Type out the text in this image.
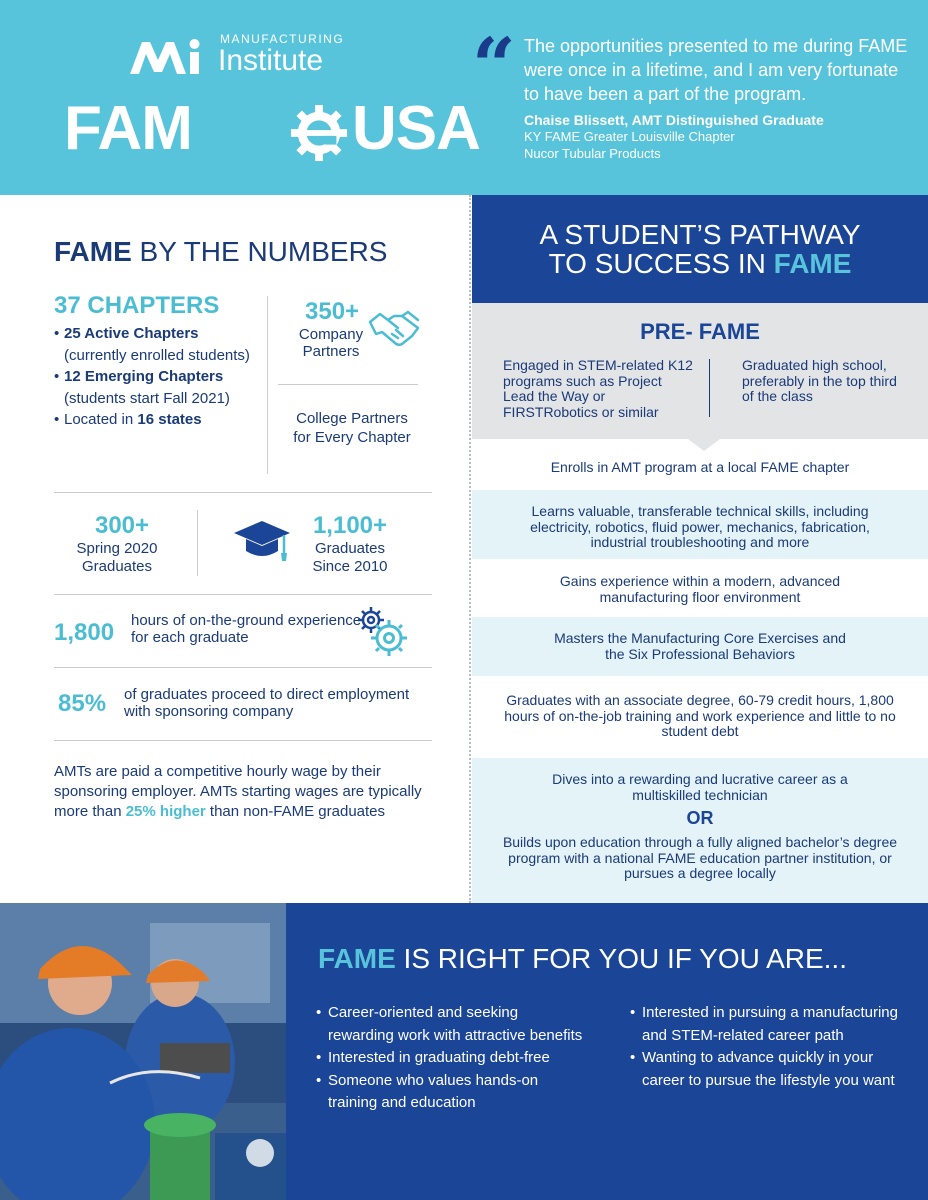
MANUFACTURING
Institute
FAM	USA
“ The opportunities presented to me during FAME were once in a lifetime, and I am very fortunate to have been a part of the program.
Chaise Blissett, AMT Distinguished Graduate
KY FAME Greater Louisville Chapter
Nucor Tubular Products
FAME BY THE NUMBERS
37 CHAPTERS
• 25 Active Chapters (currently enrolled students)
• 12 Emerging Chapters (students start Fall 2021)
• Located in 16 states
350+
Company Partners
College Partners for Every Chapter
300+
Spring 2020 Graduates
1,100+
Graduates Since 2010
1,800 hours of on-the-ground experience for each graduate
85% of graduates proceed to direct employment with sponsoring company
AMTs are paid a competitive hourly wage by their sponsoring employer. AMTs starting wages are typically more than 25% higher than non-FAME graduates
A STUDENT’S PATHWAY
TO SUCCESS IN FAME
PRE- FAME
Engaged in STEM-related K12 programs such as Project Lead the Way or FIRSTRobotics or similar
Graduated high school, preferably in the top third of the class
Enrolls in AMT program at a local FAME chapter
Learns valuable, transferable technical skills, including electricity, robotics, fluid power, mechanics, fabrication, industrial troubleshooting and more
Gains experience within a modern, advanced manufacturing floor environment
Masters the Manufacturing Core Exercises and the Six Professional Behaviors
Graduates with an associate degree, 60-79 credit hours, 1,800 hours of on-the-job training and work experience and little to no student debt
Dives into a rewarding and lucrative career as a multiskilled technician
OR
Builds upon education through a fully aligned bachelor’s degree program with a national FAME education partner institution, or pursues a degree locally
FAME IS RIGHT FOR YOU IF YOU ARE...
• Career-oriented and seeking rewarding work with attractive benefits
• Interested in graduating debt-free
• Someone who values hands-on training and education
• Interested in pursuing a manufacturing and STEM-related career path
• Wanting to advance quickly in your career to pursue the lifestyle you want
